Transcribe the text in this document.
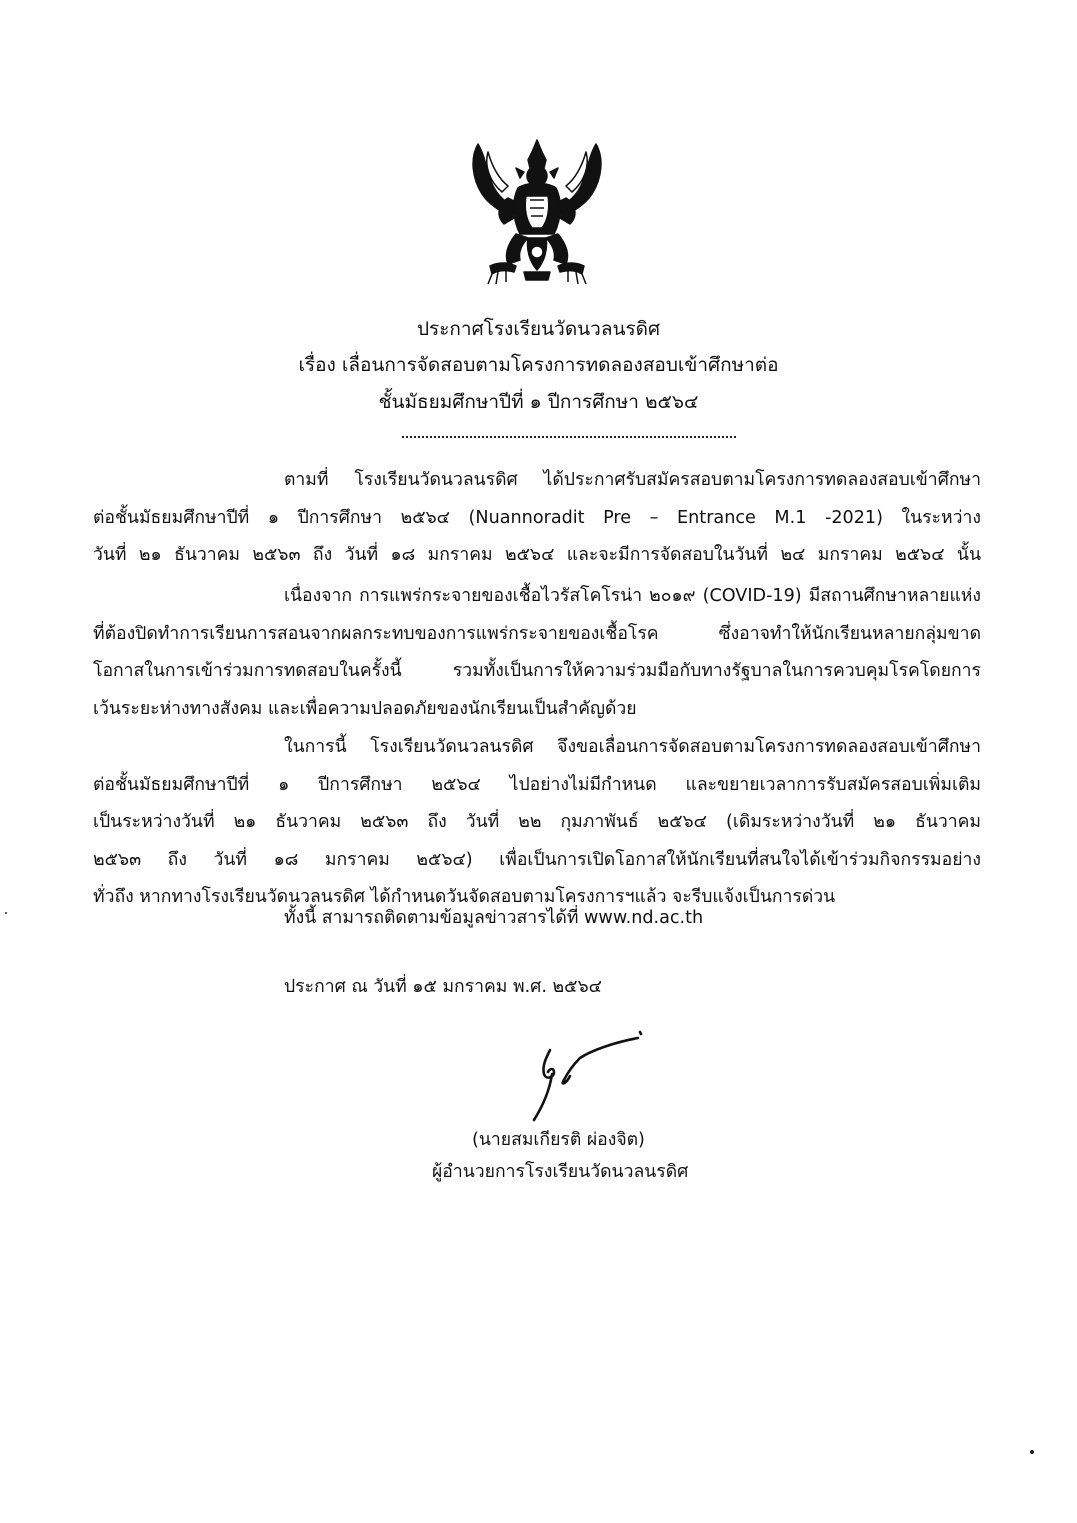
ประกาศโรงเรียนวัดนวลนรดิศ
เรื่อง เลื่อนการจัดสอบตามโครงการทดลองสอบเข้าศึกษาต่อ
ชั้นมัธยมศึกษาปีที่ ๑ ปีการศึกษา ๒๕๖๔
ตามที่ โรงเรียนวัดนวลนรดิศ ได้ประกาศรับสมัครสอบตามโครงการทดลองสอบเข้าศึกษา
ต่อชั้นมัธยมศึกษาปีที่ ๑ ปีการศึกษา ๒๕๖๔ (Nuannoradit Pre – Entrance M.1 -2021) ในระหว่าง
วันที่ ๒๑ ธันวาคม ๒๕๖๓ ถึง วันที่ ๑๘ มกราคม ๒๕๖๔ และจะมีการจัดสอบในวันที่ ๒๔ มกราคม ๒๕๖๔ นั้น
เนื่องจาก การแพร่กระจายของเชื้อไวรัสโคโรน่า ๒๐๑๙ (COVID-19) มีสถานศึกษาหลายแห่ง
ที่ต้องปิดทำการเรียนการสอนจากผลกระทบของการแพร่กระจายของเชื้อโรค ซึ่งอาจทำให้นักเรียนหลายกลุ่มขาด
โอกาสในการเข้าร่วมการทดสอบในครั้งนี้ รวมทั้งเป็นการให้ความร่วมมือกับทางรัฐบาลในการควบคุมโรคโดยการ
เว้นระยะห่างทางสังคม และเพื่อความปลอดภัยของนักเรียนเป็นสำคัญด้วย
ในการนี้ โรงเรียนวัดนวลนรดิศ จึงขอเลื่อนการจัดสอบตามโครงการทดลองสอบเข้าศึกษา
ต่อชั้นมัธยมศึกษาปีที่ ๑ ปีการศึกษา ๒๕๖๔ ไปอย่างไม่มีกำหนด และขยายเวลาการรับสมัครสอบเพิ่มเติม
เป็นระหว่างวันที่ ๒๑ ธันวาคม ๒๕๖๓ ถึง วันที่ ๒๒ กุมภาพันธ์ ๒๕๖๔ (เดิมระหว่างวันที่ ๒๑ ธันวาคม
๒๕๖๓ ถึง วันที่ ๑๘ มกราคม ๒๕๖๔) เพื่อเป็นการเปิดโอกาสให้นักเรียนที่สนใจได้เข้าร่วมกิจกรรมอย่าง
ทั่วถึง หากทางโรงเรียนวัดนวลนรดิศ ได้กำหนดวันจัดสอบตามโครงการฯแล้ว จะรีบแจ้งเป็นการด่วน
ทั้งนี้ สามารถติดตามข้อมูลข่าวสารได้ที่ www.nd.ac.th
ประกาศ ณ วันที่ ๑๕ มกราคม พ.ศ. ๒๕๖๔
(นายสมเกียรติ ผ่องจิต)
ผู้อำนวยการโรงเรียนวัดนวลนรดิศ
